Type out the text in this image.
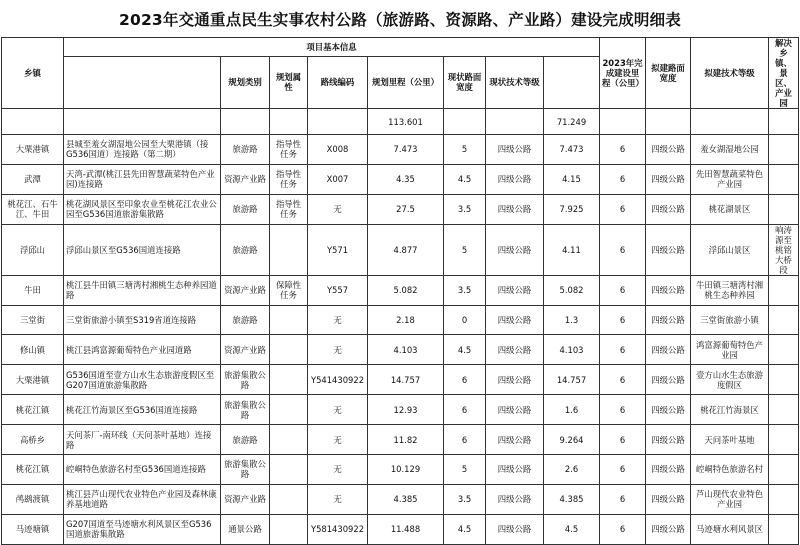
2023年交通重点民生实事农村公路（旅游路、资源路、产业路）建设完成明细表
乡镇	项目基本信息								2023年完成建设里程（公里）	拟建路面宽度	拟建技术等级	解决乡镇、景区、产业园	
		规划类别	规划属性	路线编码	规划里程（公里）	现状路面宽度	现状技术等级						
					113.601			71.249					
大栗港镇	县城至羞女湖湿地公园至大栗港镇（接G536国道）连接路（第二期）	旅游路	指导性任务	X008	7.473	5	四级公路	7.473	6	四级公路	羞女湖湿地公园		
武潭	天湾-武潭(桃江县先田智慧蔬菜特色产业园)连接路	资源产业路	指导性任务	X007	4.35	4.5	四级公路	4.15	6	四级公路	先田智慧蔬菜特色产业园		
桃花江、石牛江、牛田	桃花湖风景区至印象农业至桃花江农业公园至G536国道旅游集散路	旅游路	指导性任务	无	27.5	3.5	四级公路	7.925	6	四级公路	桃花湖景区		
浮邱山	浮邱山景区至G536国道连接路	旅游路		Y571	4.877	5	四级公路	4.11	6	四级公路	浮邱山景区	响涛源至桃铭大桥段	
牛田	桃江县牛田镇三塘湾村湘桃生态种养园道路	资源产业路	保障性任务	Y557	5.082	3.5	四级公路	5.082	6	四级公路	牛田镇三塘湾村湘桃生态种养园		
三堂街	三堂街旅游小镇至S319省道连接路	旅游路		无	2.18	0	四级公路	1.3	6	四级公路	三堂街旅游小镇		
修山镇	桃江县鸿富源葡萄特色产业园道路	资源产业路		无	4.103	4.5	四级公路	4.103	6	四级公路	鸿富源葡萄特色产业园		
大栗港镇	G536国道至壹方山水生态旅游度假区至G207国道旅游集散路	旅游集散公路		Y541430922	14.757	6	四级公路	14.757	6	四级公路	壹方山水生态旅游度假区		
桃花江镇	桃花江竹海景区至G536国道连接路	旅游集散公路		无	12.93	6	四级公路	1.6	6	四级公路	桃花江竹海景区		
高桥乡	天问茶厂-南环线（天问茶叶基地）连接路	旅游路		无	11.82	6	四级公路	9.264	6	四级公路	天问茶叶基地		
桃花江镇	崆峒特色旅游名村至G536国道连接路	旅游集散公路		无	10.129	5	四级公路	2.6	6	四级公路	崆峒特色旅游名村		
鸬鹚渡镇	桃江县芦山现代农业特色产业园及森林康养基地道路	资源产业路		无	4.385	3.5	四级公路	4.385	6	四级公路	芦山现代农业特色产业园		
马迹塘镇	G207国道至马迹塘水利风景区至G536国道旅游集散路	通景公路		Y581430922	11.488	4.5	四级公路	4.5	6	四级公路	马迹塘水利风景区		
